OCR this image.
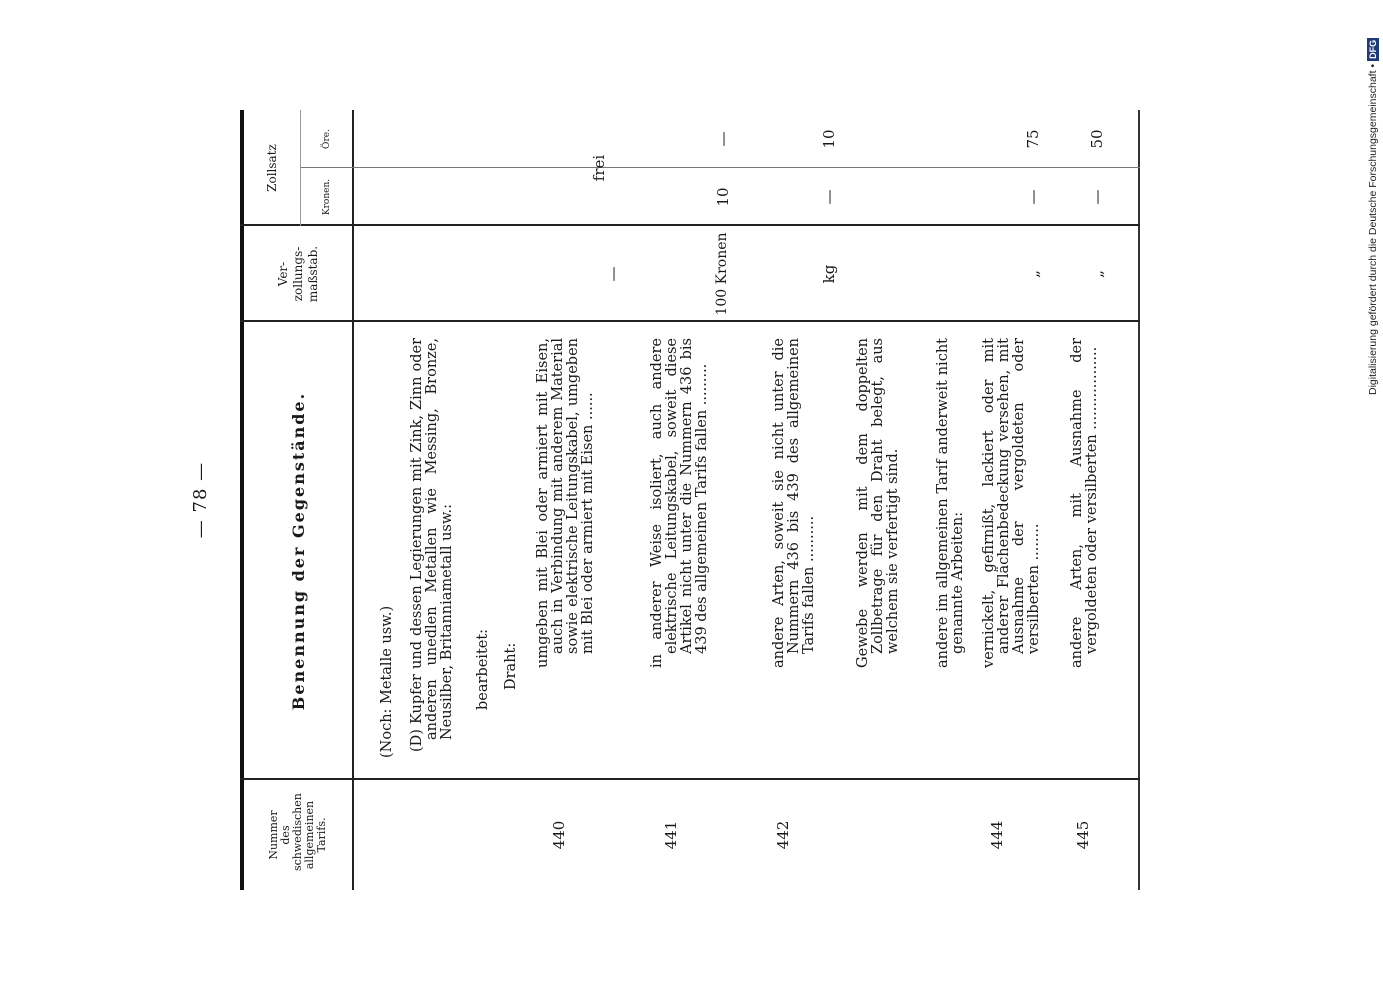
— 78 —
Nummer des schwedischen allgemeinen Tarifs.
Benennung der Gegenstände.
Ver- zollungs- maßstab.
Zollsatz
Kronen.
Öre.
(Noch: Metalle usw.) (D) Kupfer und dessen Legierungen mit Zink, Zinn oder anderen unedlen Metallen wie Messing, Bronze, Neusilber, Britanniametall usw.: bearbeitet: Draht:
440
umgeben mit Blei oder armiert mit Eisen, auch in Verbindung mit anderem Material sowie elektrische Leitungskabel, umgeben mit Blei oder armiert mit Eisen ......
—
frei
441
in anderer Weise isoliert, auch andere elektrische Leitungskabel, soweit diese Artikel nicht unter die Nummern 436 bis 439 des allgemeinen Tarifs fallen .........
100 Kronen
10
—
442
andere Arten, soweit sie nicht unter die Nummern 436 bis 439 des allgemeinen Tarifs fallen ..........
kg
—
10
Gewebe werden mit dem doppelten Zollbetrage für den Draht belegt, aus welchem sie verfertigt sind. andere im allgemeinen Tarif anderweit nicht genannte Arbeiten:
444
vernickelt, gefirnißt, lackiert oder mit anderer Flächenbedeckung versehen, mit Ausnahme der vergoldeten oder versilberten ........
„
—
75
445
andere Arten, mit Ausnahme der vergoldeten oder versilberten ..................
„
—
50	Digitalisierung gefördert durch die Deutsche Forschungsgemeinschaft •
DFG
